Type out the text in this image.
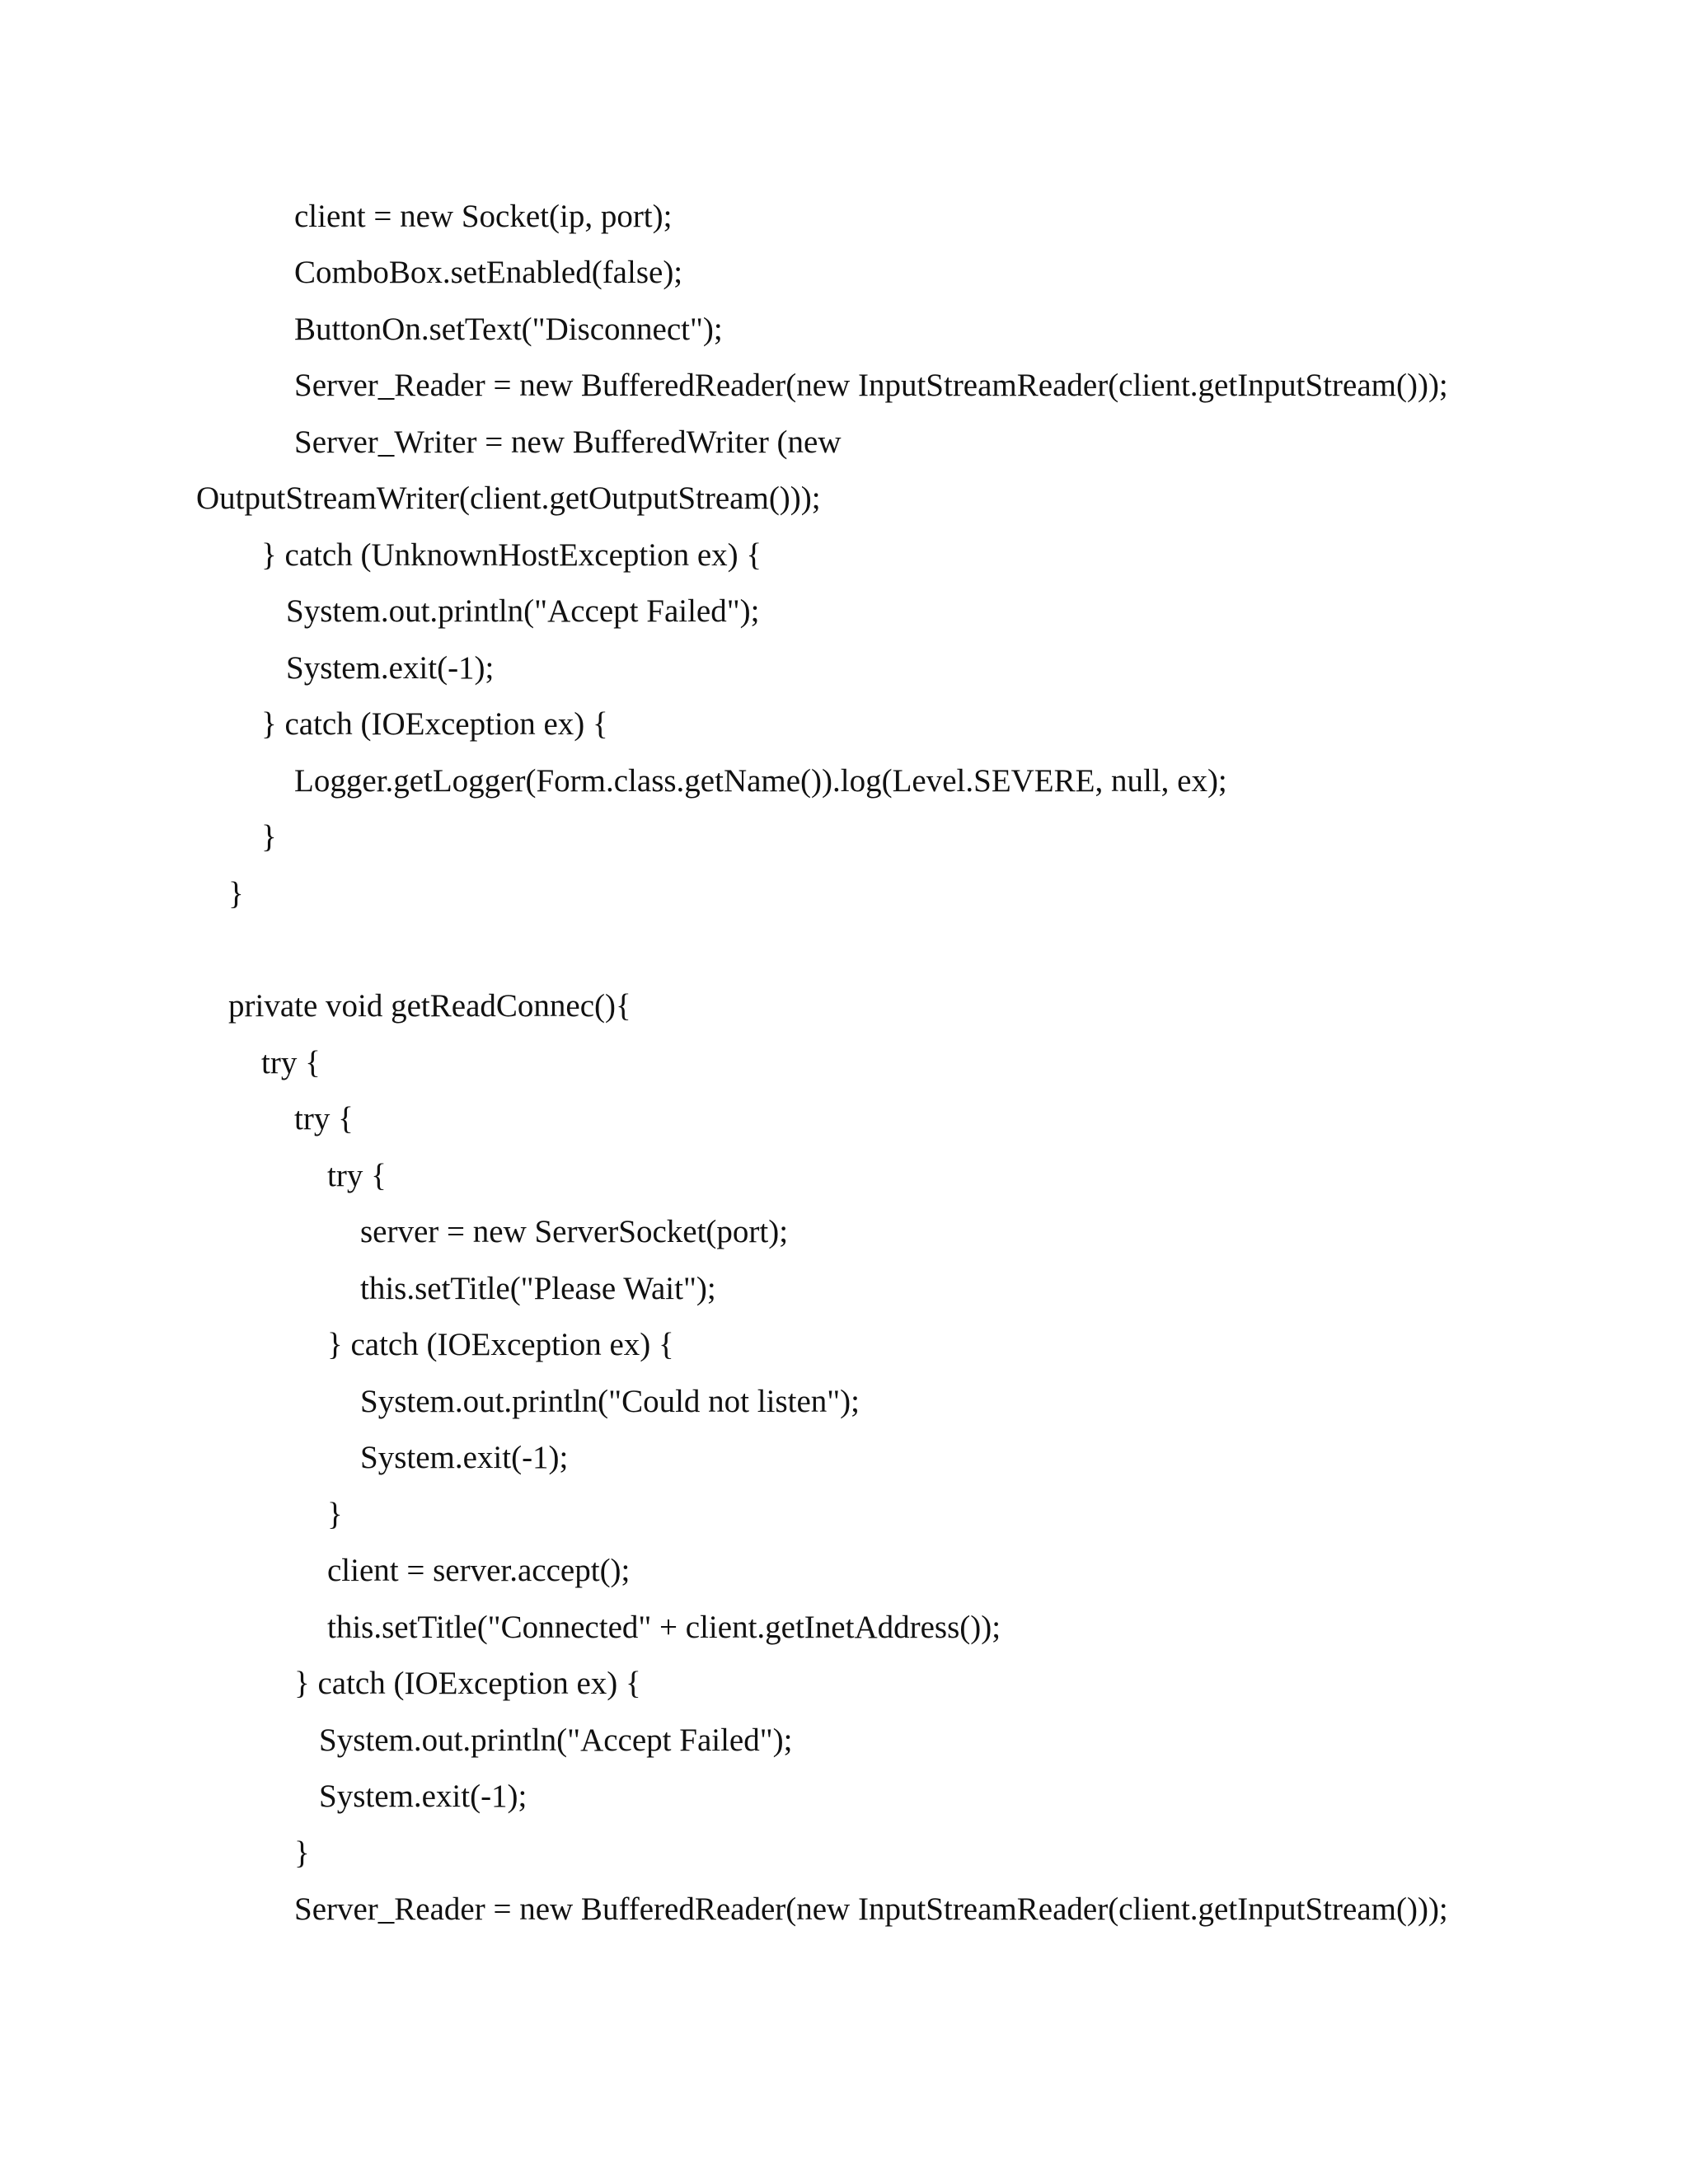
client = new Socket(ip, port);
ComboBox.setEnabled(false);
ButtonOn.setText("Disconnect");
Server_Reader = new BufferedReader(new InputStreamReader(client.getInputStream()));
Server_Writer = new BufferedWriter (new
OutputStreamWriter(client.getOutputStream()));
} catch (UnknownHostException ex) {
System.out.println("Accept Failed");
System.exit(-1);
} catch (IOException ex) {
Logger.getLogger(Form.class.getName()).log(Level.SEVERE, null, ex);
}
}
private void getReadConnec(){
try {
try {
try {
server = new ServerSocket(port);
this.setTitle("Please Wait");
} catch (IOException ex) {
System.out.println("Could not listen");
System.exit(-1);
}
client = server.accept();
this.setTitle("Connected" + client.getInetAddress());
} catch (IOException ex) {
System.out.println("Accept Failed");
System.exit(-1);
}
Server_Reader = new BufferedReader(new InputStreamReader(client.getInputStream()));
